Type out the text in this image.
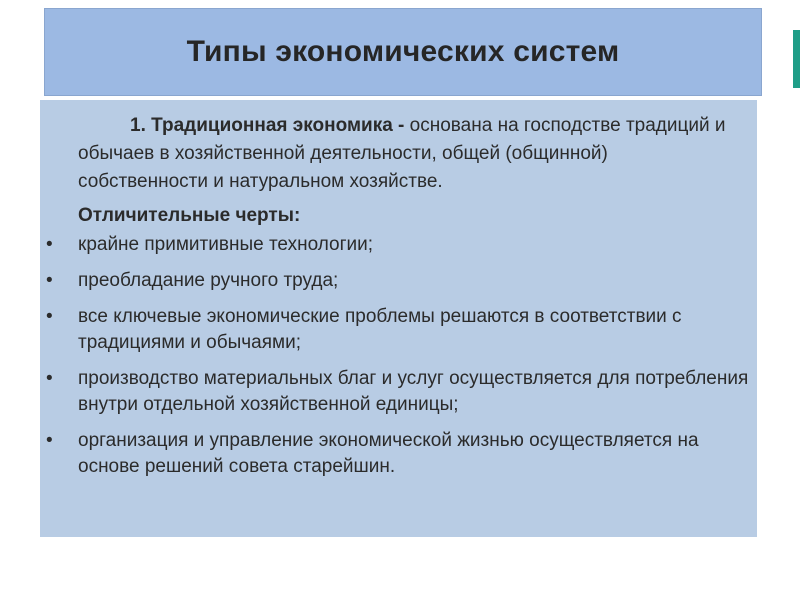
Типы экономических систем

1. Традиционная экономика - основана на господстве традиций и обычаев в хозяйственной деятельности, общей (общинной) собственности и натуральном хозяйстве.

Отличительные черты:
• крайне примитивные технологии;
• преобладание ручного труда;
• все ключевые экономические проблемы решаются в соответствии с традициями и обычаями;
• производство материальных благ и услуг осуществляется для потребления внутри отдельной хозяйственной единицы;
• организация и управление экономической жизнью осуществляется на основе решений совета старейшин.
